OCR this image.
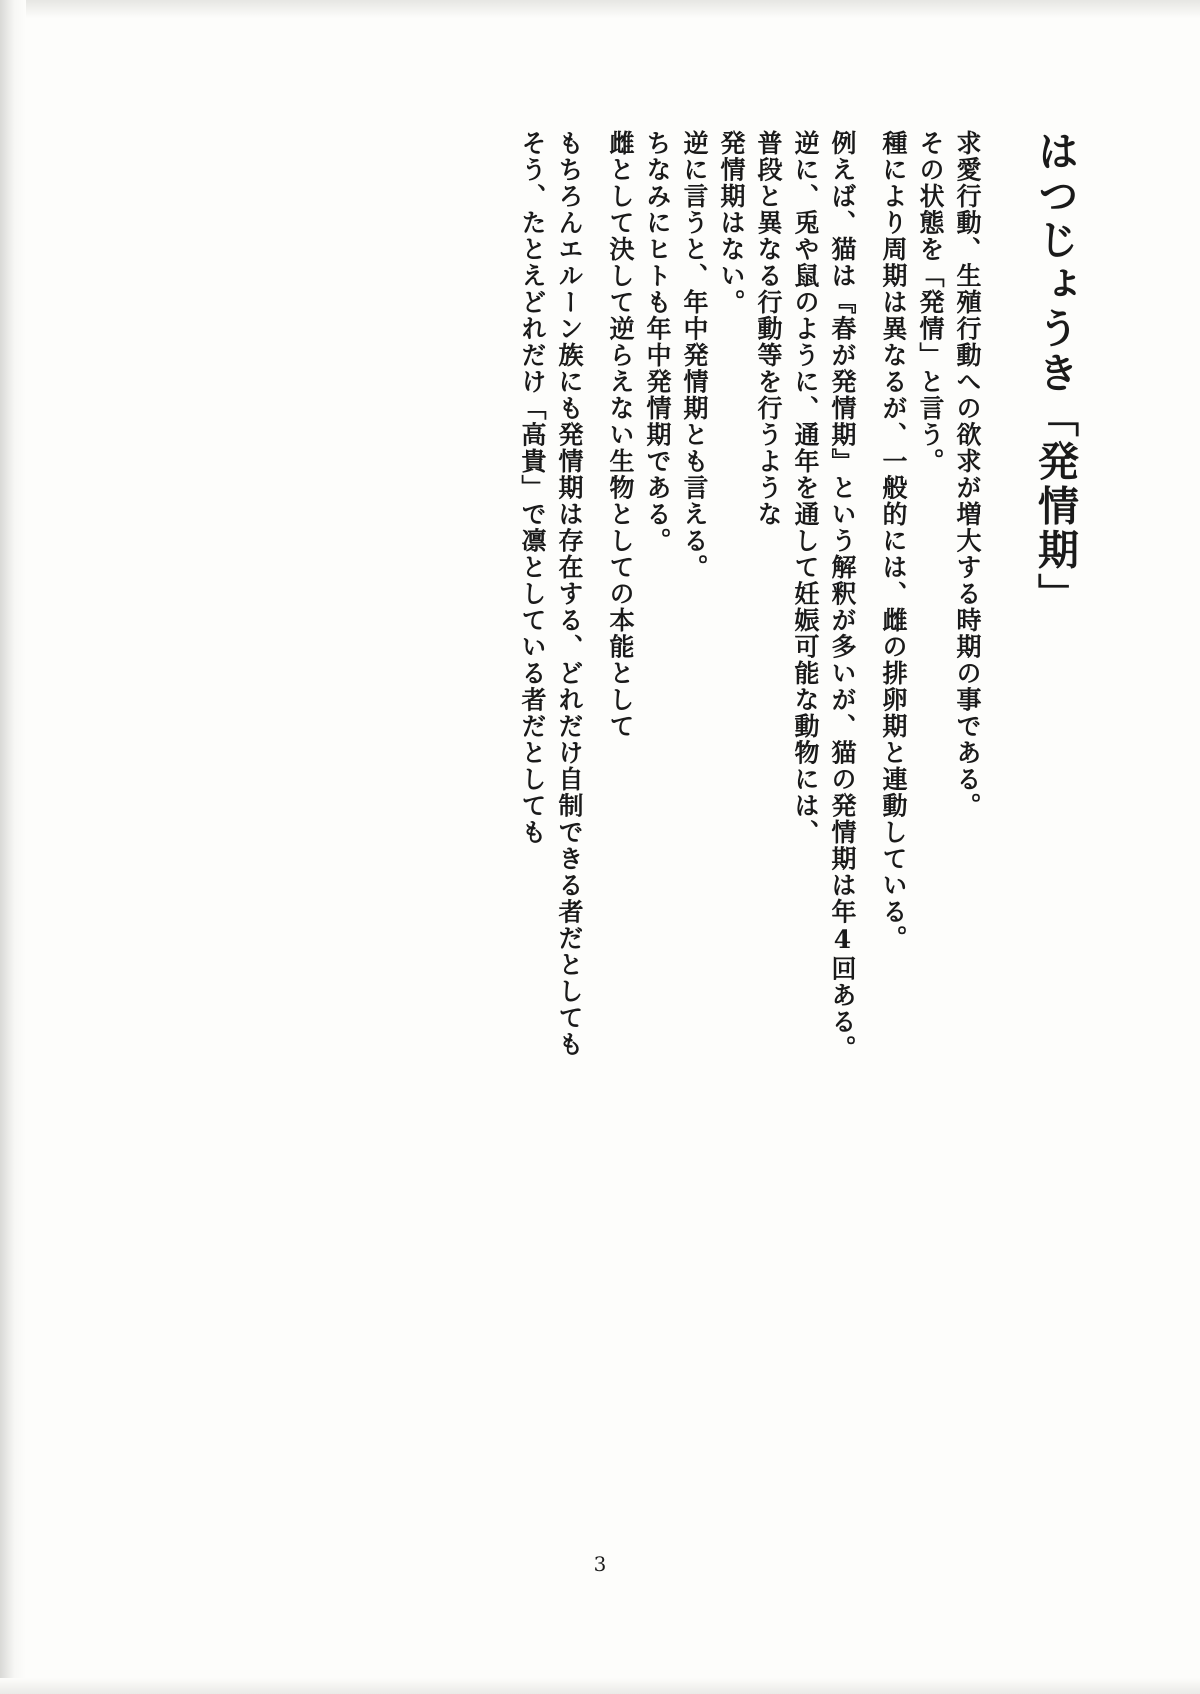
はつじょうき「発情期」
求愛行動、生殖行動への欲求が増大する時期の事である。
その状態を「発情」と言う。
種により周期は異なるが、一般的には、雌の排卵期と連動している。
例えば、猫は『春が発情期』という解釈が多いが、猫の発情期は年4回ある。
逆に、兎や鼠のように、通年を通して妊娠可能な動物には、
普段と異なる行動等を行うような
発情期はない。
逆に言うと、年中発情期とも言える。
ちなみにヒトも年中発情期である。
雌として決して逆らえない生物としての本能として
もちろんエルーン族にも発情期は存在する、どれだけ自制できる者だとしても
そう、たとえどれだけ「高貴」で凛としている者だとしても
3
